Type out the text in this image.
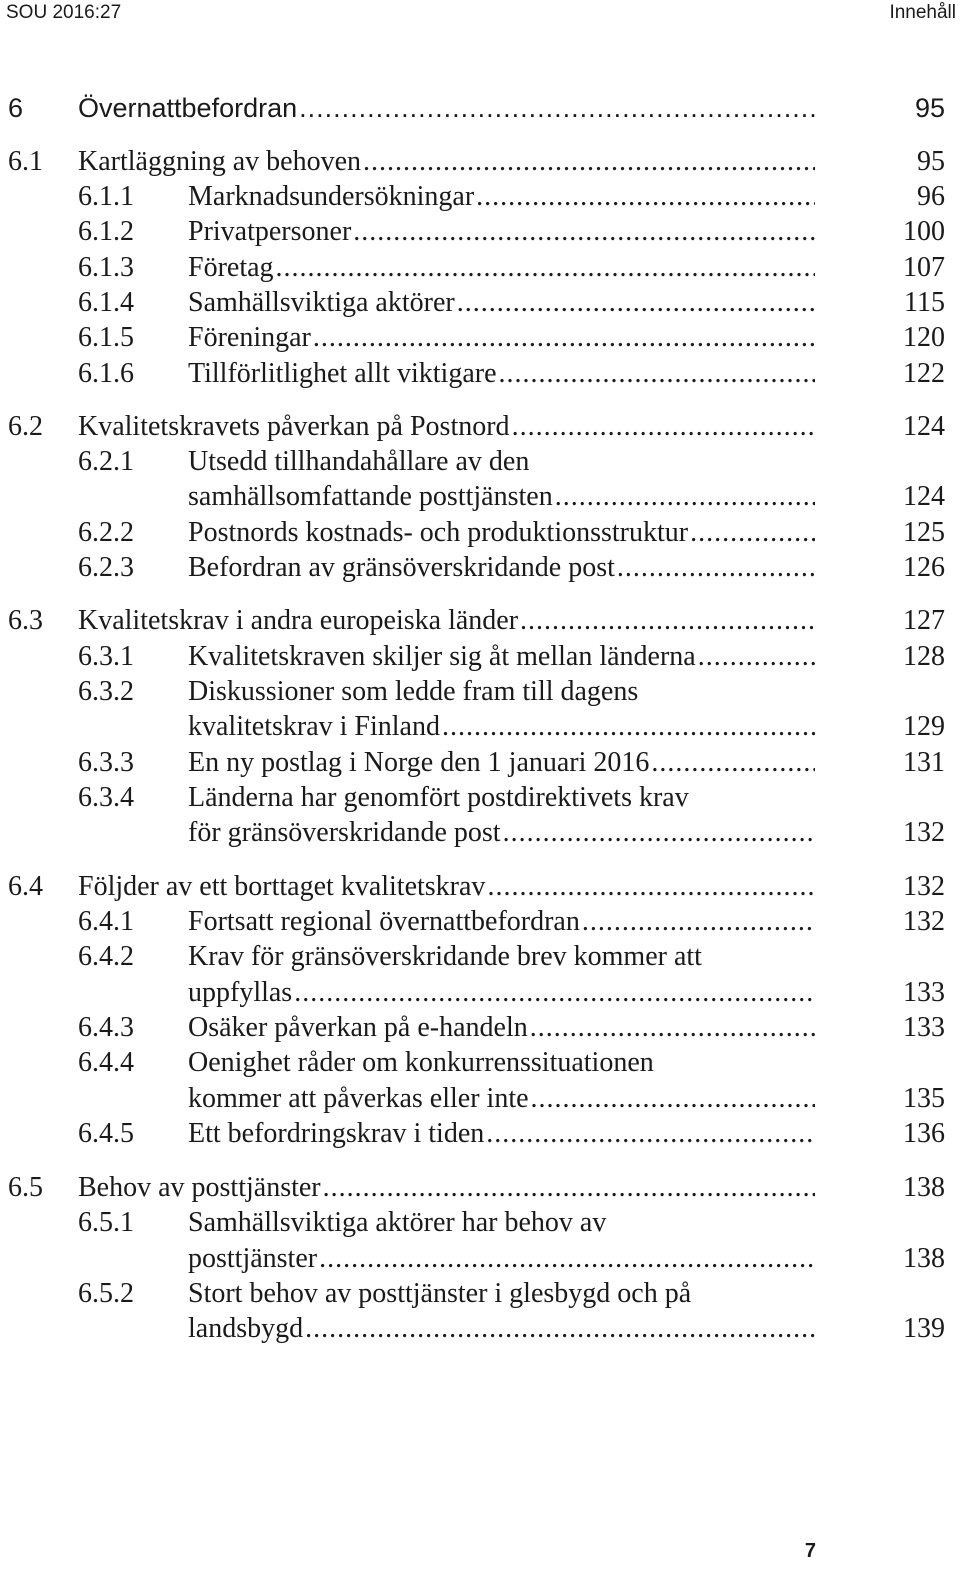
SOU 2016:27	Innehåll
6 Övernattbefordran .....	95
6.1 Kartläggning av behoven .....	95
6.1.1 Marknadsundersökningar .....	96
6.1.2 Privatpersoner .....	100
6.1.3 Företag .....	107
6.1.4 Samhällsviktiga aktörer .....	115
6.1.5 Föreningar .....	120
6.1.6 Tillförlitlighet allt viktigare .....	122
6.2 Kvalitetskravets påverkan på Postnord .....	124
6.2.1 Utsedd tillhandahållare av den
samhällsomfattande posttjänsten .....	124
6.2.2 Postnords kostnads- och produktionsstruktur .....	125
6.2.3 Befordran av gränsöverskridande post .....	126
6.3 Kvalitetskrav i andra europeiska länder .....	127
6.3.1 Kvalitetskraven skiljer sig åt mellan länderna .....	128
6.3.2 Diskussioner som ledde fram till dagens
kvalitetskrav i Finland .....	129
6.3.3 En ny postlag i Norge den 1 januari 2016 .....	131
6.3.4 Länderna har genomfört postdirektivets krav
för gränsöverskridande post .....	132
6.4 Följder av ett borttaget kvalitetskrav .....	132
6.4.1 Fortsatt regional övernattbefordran .....	132
6.4.2 Krav för gränsöverskridande brev kommer att
uppfyllas .....	133
6.4.3 Osäker påverkan på e-handeln .....	133
6.4.4 Oenighet råder om konkurrenssituationen
kommer att påverkas eller inte .....	135
6.4.5 Ett befordringskrav i tiden .....	136
6.5 Behov av posttjänster .....	138
6.5.1 Samhällsviktiga aktörer har behov av
posttjänster .....	138
6.5.2 Stort behov av posttjänster i glesbygd och på
landsbygd .....	139
7
